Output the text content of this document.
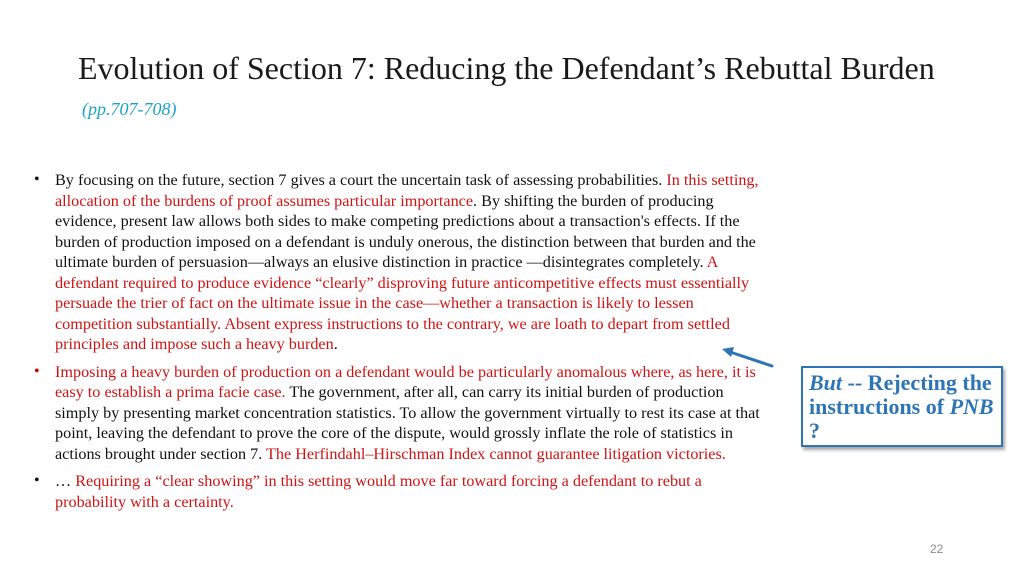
Evolution of Section 7: Reducing the Defendant’s Rebuttal Burden (pp.707-708)
• By focusing on the future, section 7 gives a court the uncertain task of assessing probabilities. In this setting, allocation of the burdens of proof assumes particular importance. By shifting the burden of producing evidence, present law allows both sides to make competing predictions about a transaction's effects. If the burden of production imposed on a defendant is unduly onerous, the distinction between that burden and the ultimate burden of persuasion—always an elusive distinction in practice —disintegrates completely. A defendant required to produce evidence “clearly” disproving future anticompetitive effects must essentially persuade the trier of fact on the ultimate issue in the case—whether a transaction is likely to lessen competition substantially. Absent express instructions to the contrary, we are loath to depart from settled principles and impose such a heavy burden.
• Imposing a heavy burden of production on a defendant would be particularly anomalous where, as here, it is easy to establish a prima facie case. The government, after all, can carry its initial burden of production simply by presenting market concentration statistics. To allow the government virtually to rest its case at that point, leaving the defendant to prove the core of the dispute, would grossly inflate the role of statistics in actions brought under section 7. The Herfindahl–Hirschman Index cannot guarantee litigation victories.
• … Requiring a “clear showing” in this setting would move far toward forcing a defendant to rebut a probability with a certainty.
But -- Rejecting the instructions of PNB ?
22
